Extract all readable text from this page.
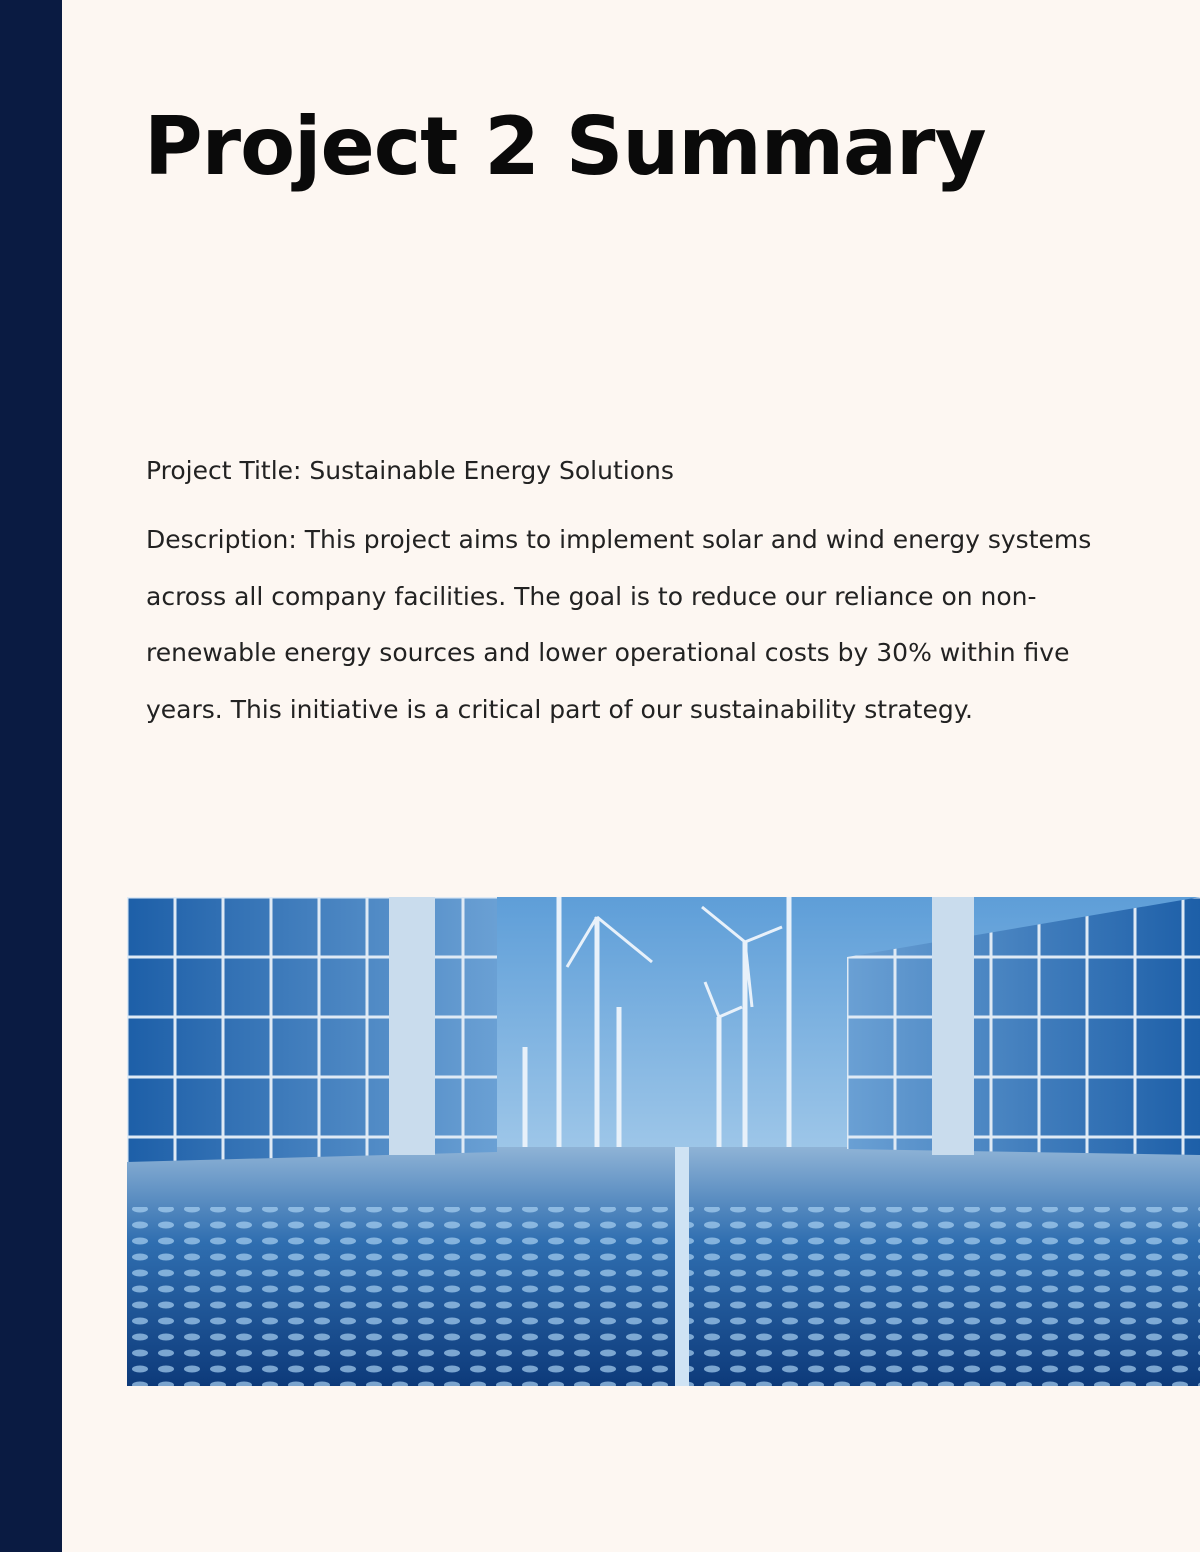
Project 2 Summary

Project Title: Sustainable Energy Solutions

Description: This project aims to implement solar and wind energy systems across all company facilities. The goal is to reduce our reliance on non-renewable energy sources and lower operational costs by 30% within five years. This initiative is a critical part of our sustainability strategy.
